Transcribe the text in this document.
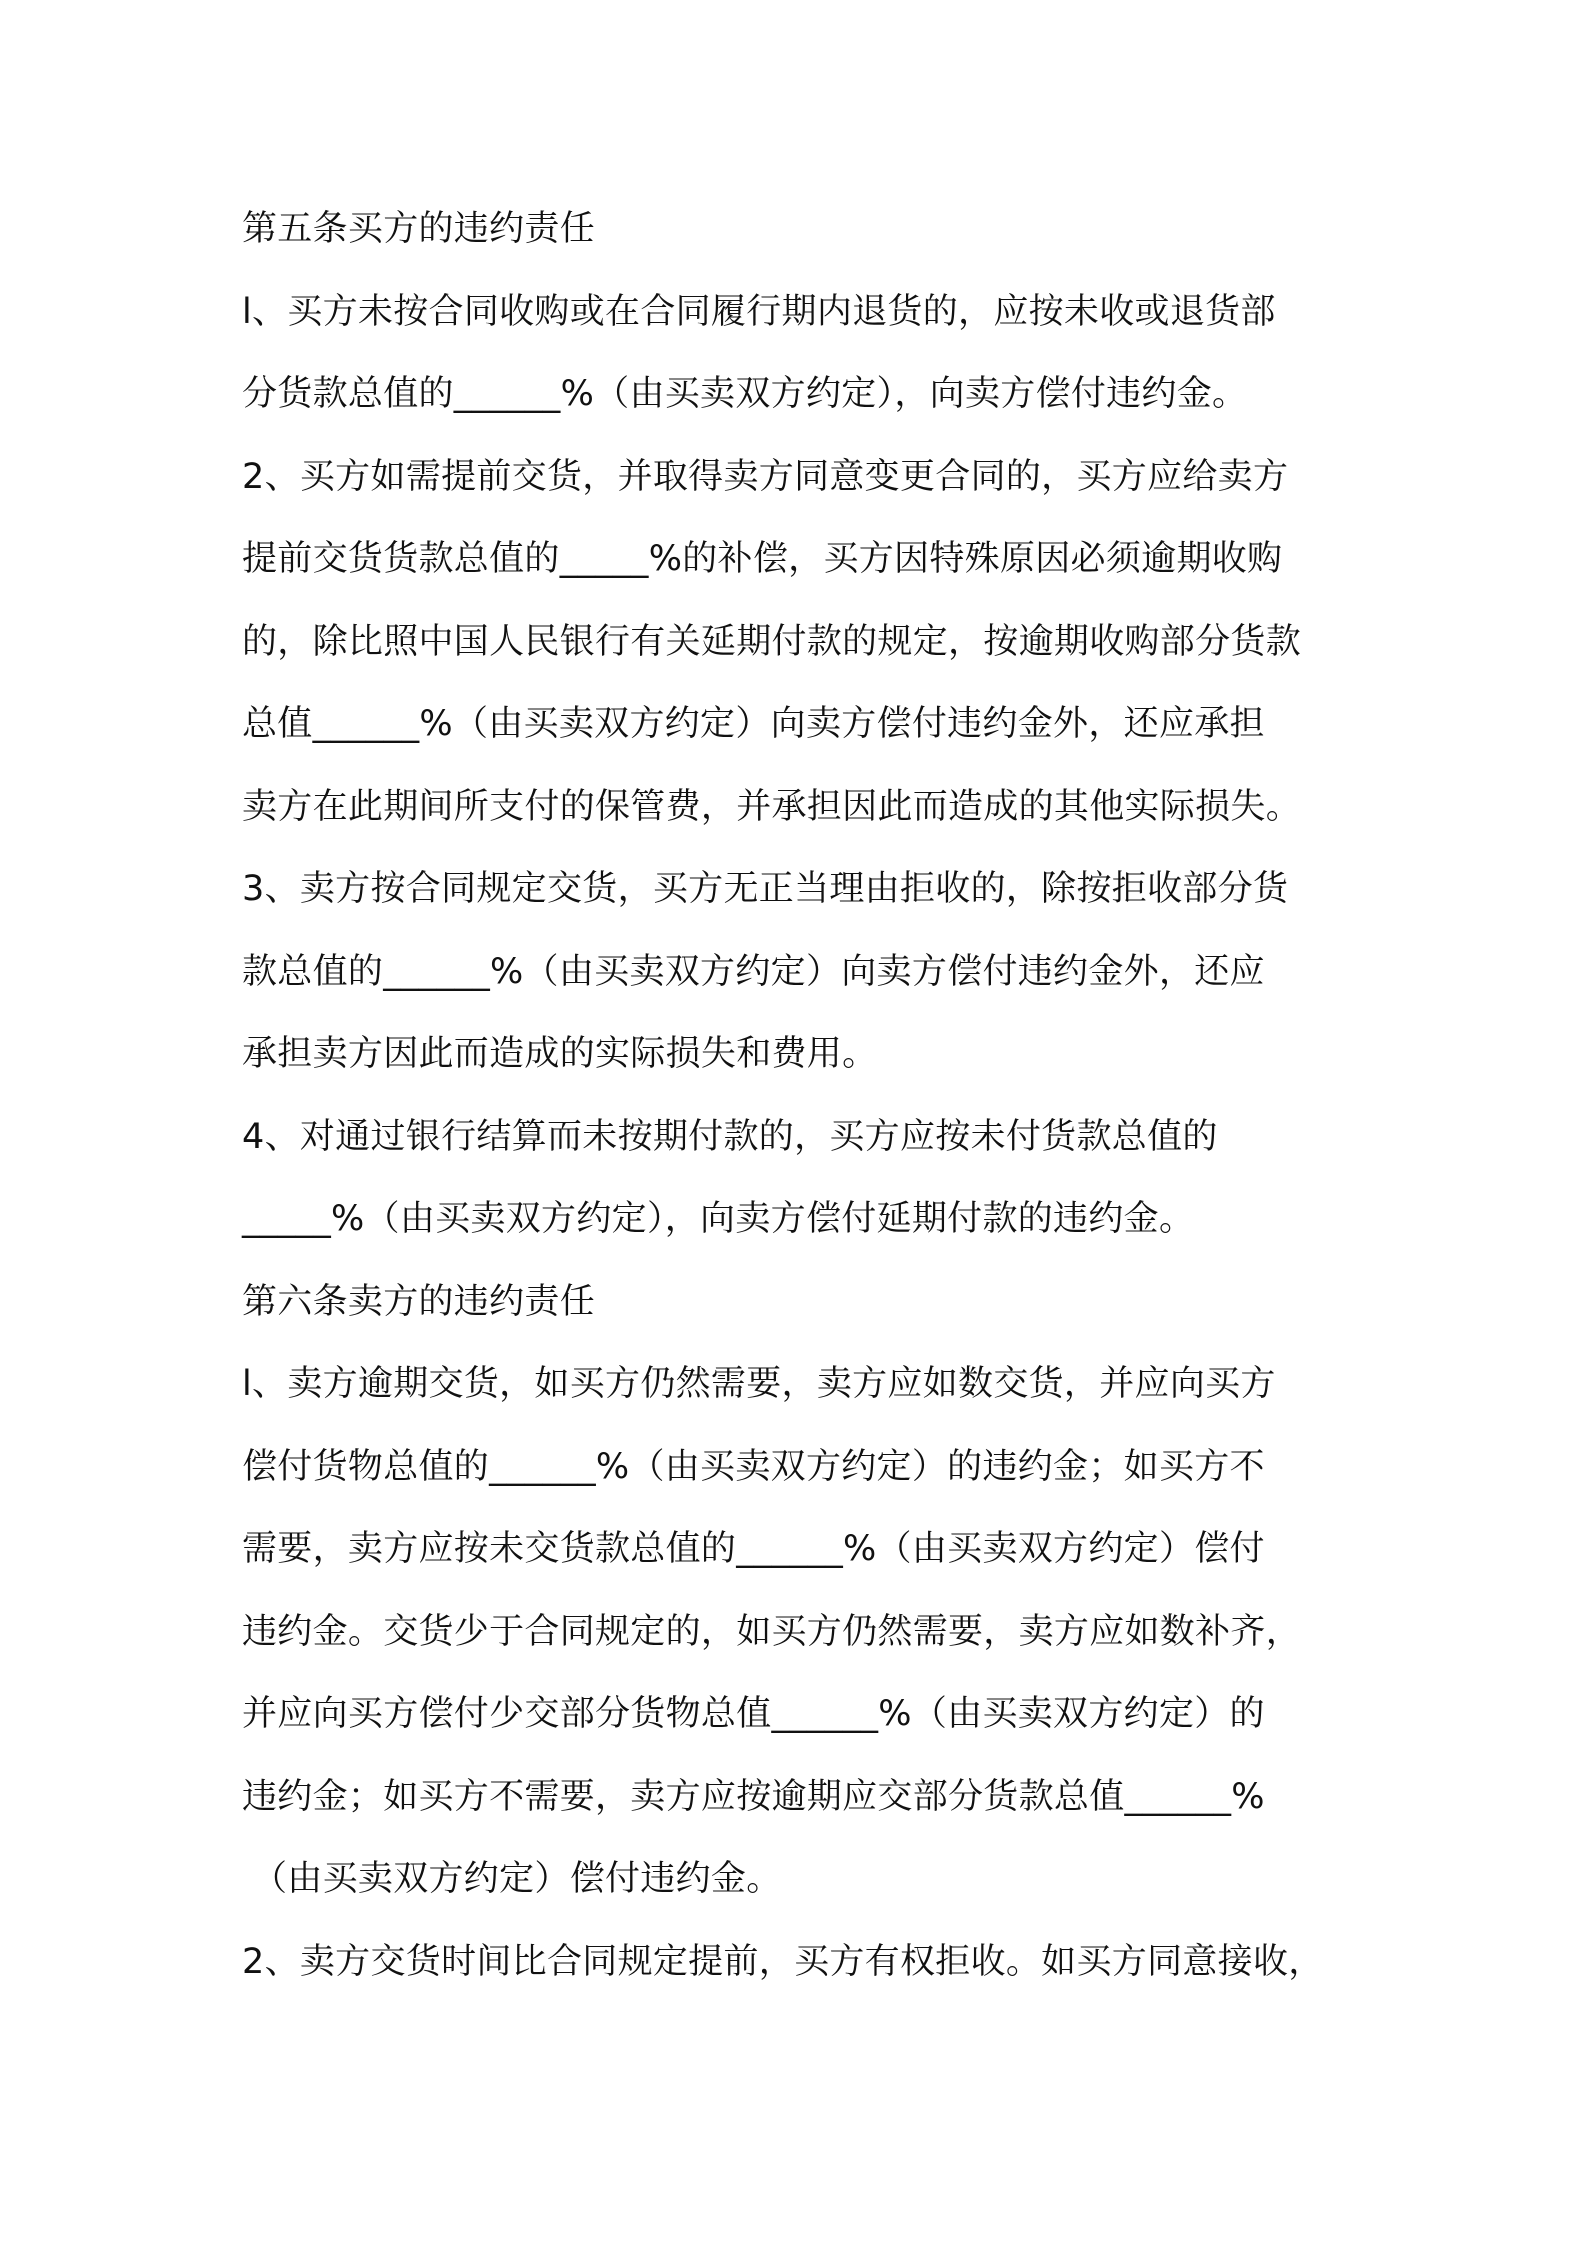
第五条买方的违约责任

l、买方未按合同收购或在合同履行期内退货的，应按未收或退货部

分货款总值的______%（由买卖双方约定），向卖方偿付违约金。

2、买方如需提前交货，并取得卖方同意变更合同的，买方应给卖方

提前交货货款总值的_____%的补偿，买方因特殊原因必须逾期收购

的，除比照中国人民银行有关延期付款的规定，按逾期收购部分货款

总值______%（由买卖双方约定）向卖方偿付违约金外，还应承担

卖方在此期间所支付的保管费，并承担因此而造成的其他实际损失。

3、卖方按合同规定交货，买方无正当理由拒收的，除按拒收部分货

款总值的______%（由买卖双方约定）向卖方偿付违约金外，还应

承担卖方因此而造成的实际损失和费用。

4、对通过银行结算而未按期付款的，买方应按未付货款总值的

_____%（由买卖双方约定），向卖方偿付延期付款的违约金。

第六条卖方的违约责任

l、卖方逾期交货，如买方仍然需要，卖方应如数交货，并应向买方

偿付货物总值的______%（由买卖双方约定）的违约金；如买方不

需要，卖方应按未交货款总值的______%（由买卖双方约定）偿付

违约金。交货少于合同规定的，如买方仍然需要，卖方应如数补齐，

并应向买方偿付少交部分货物总值______%（由买卖双方约定）的

违约金；如买方不需要，卖方应按逾期应交部分货款总值______%

（由买卖双方约定）偿付违约金。

2、卖方交货时间比合同规定提前，买方有权拒收。如买方同意接收，
